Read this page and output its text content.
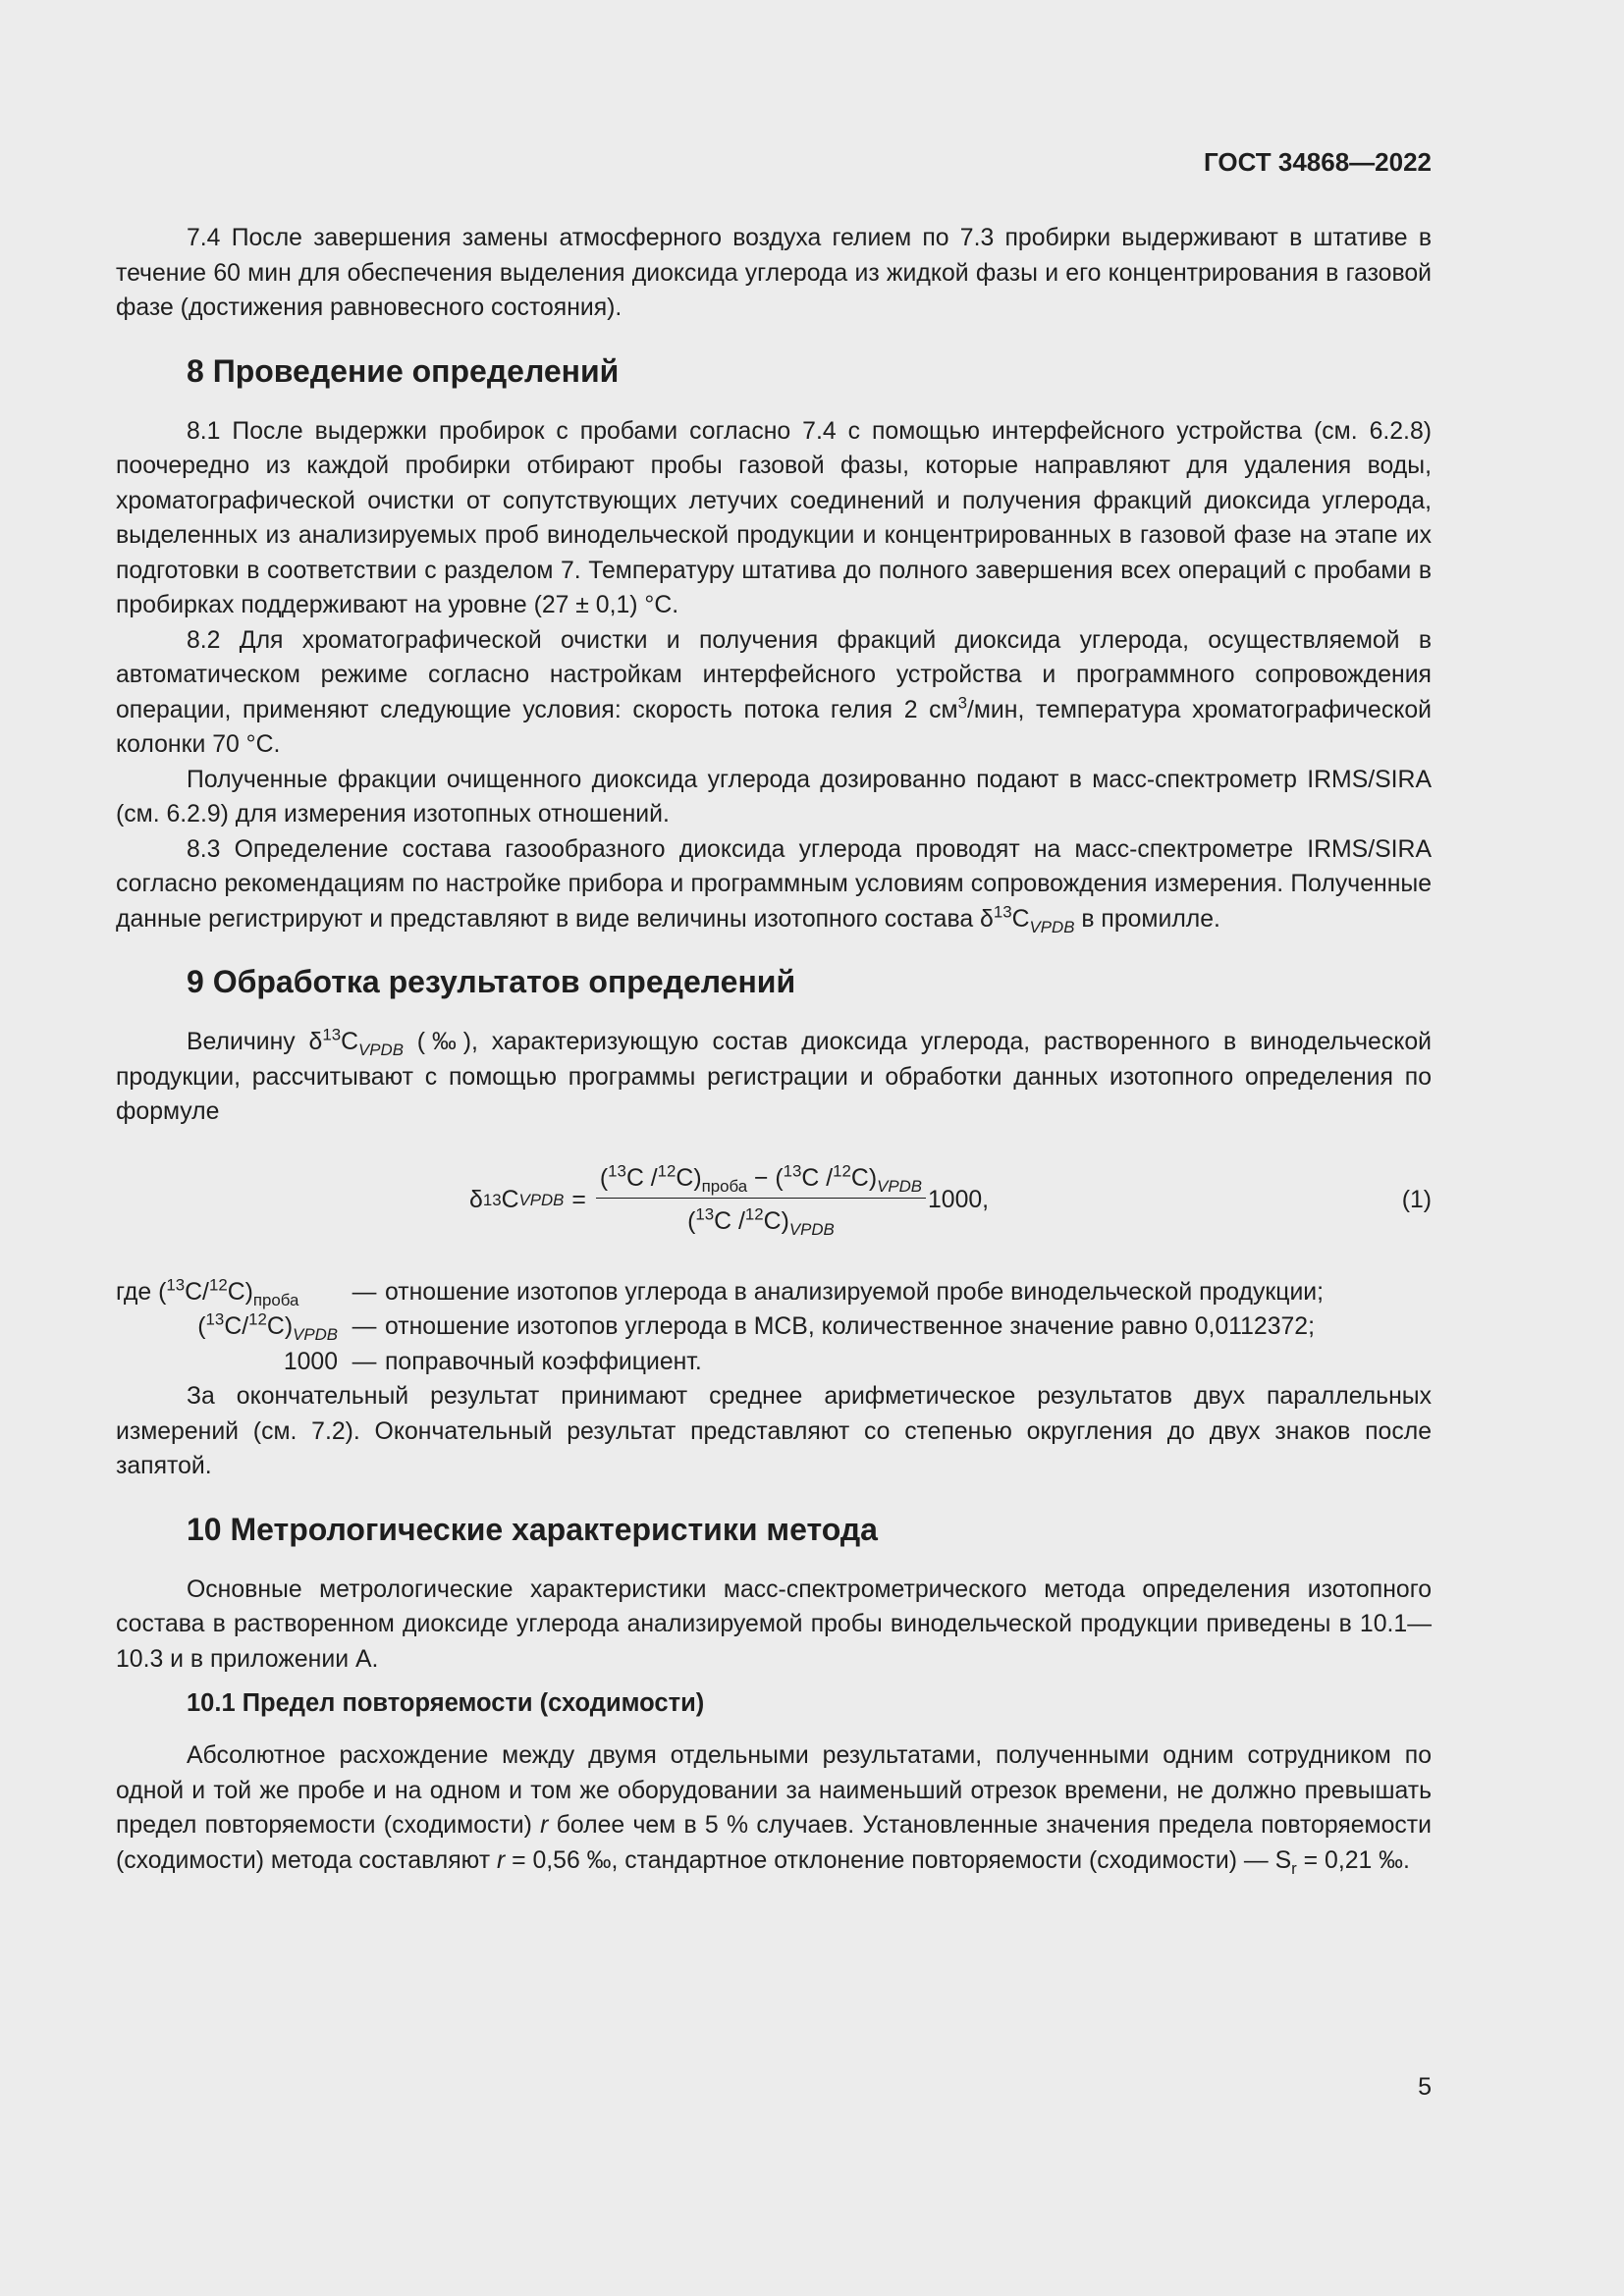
ГОСТ 34868—2022

7.4 После завершения замены атмосферного воздуха гелием по 7.3 пробирки выдерживают в штативе в течение 60 мин для обеспечения выделения диоксида углерода из жидкой фазы и его концентрирования в газовой фазе (достижения равновесного состояния).

8 Проведение определений

8.1 После выдержки пробирок с пробами согласно 7.4 с помощью интерфейсного устройства (см. 6.2.8) поочередно из каждой пробирки отбирают пробы газовой фазы, которые направляют для удаления воды, хроматографической очистки от сопутствующих летучих соединений и получения фракций диоксида углерода, выделенных из анализируемых проб винодельческой продукции и концентрированных в газовой фазе на этапе их подготовки в соответствии с разделом 7. Температуру штатива до полного завершения всех операций с пробами в пробирках поддерживают на уровне (27 ± 0,1) °С.

8.2 Для хроматографической очистки и получения фракций диоксида углерода, осуществляемой в автоматическом режиме согласно настройкам интерфейсного устройства и программного сопровождения операции, применяют следующие условия: скорость потока гелия 2 $см^3$/мин, температура хроматографической колонки 70 °С.

Полученные фракции очищенного диоксида углерода дозированно подают в масс-спектрометр IRMS/SIRA (см. 6.2.9) для измерения изотопных отношений.

8.3 Определение состава газообразного диоксида углерода проводят на масс-спектрометре IRMS/SIRA согласно рекомендациям по настройке прибора и программным условиям сопровождения измерения. Полученные данные регистрируют и представляют в виде величины изотопного состава $\delta^{13}C_{VPDB}$ в промилле.

9 Обработка результатов определений

Величину $\delta^{13}C_{VPDB}$ (‰), характеризующую состав диоксида углерода, растворенного в винодельческой продукции, рассчитывают с помощью программы регистрации и обработки данных изотопного определения по формуле

δ 13 C VPDB = $\frac{(^{13}C /^{12}C)_{проба} - (^{13}C /^{12}C)_{VPDB}}{(^{13}C /^{12}C)_{VPDB}} 1000$,	(1)
где $(^{13}C/^{12}C)_{проба}$	— отношение изотопов углерода в анализируемой пробе винодельческой продукции;
$(^{13}C/^{12}C)_{VPDB}$ — отношение изотопов углерода в МСВ, количественное значение равно 0,0112372;
1000 — поправочный коэффициент.

За окончательный результат принимают среднее арифметическое результатов двух параллельных измерений (см. 7.2). Окончательный результат представляют со степенью округления до двух знаков после запятой.

10 Метрологические характеристики метода

Основные метрологические характеристики масс-спектрометрического метода определения изотопного состава в растворенном диоксиде углерода анализируемой пробы винодельческой продукции приведены в 10.1—10.3 и в приложении А.

10.1 Предел повторяемости (сходимости)

Абсолютное расхождение между двумя отдельными результатами, полученными одним сотрудником по одной и той же пробе и на одном и том же оборудовании за наименьший отрезок времени, не должно превышать предел повторяемости (сходимости) r более чем в 5 % случаев. Установленные значения предела повторяемости (сходимости) метода составляют r = 0,56 ‰, стандартное отклонение повторяемости (сходимости) — $S_r = 0,21$ ‰.

5
